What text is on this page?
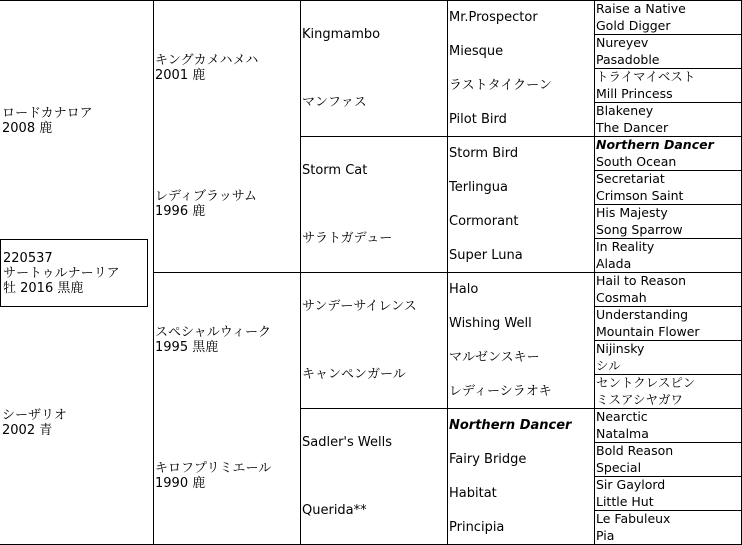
ロードカナロア
2008 鹿
シーザリオ
2002 青
220537
サートゥルナーリア
牡 2016 黒鹿
キングカメハメハ
2001 鹿
レディブラッサム
1996 鹿
スペシャルウィーク
1995 黒鹿
キロフプリミエール
1990 鹿
Kingmambo
マンファス
Storm Cat
サラトガデュー
サンデーサイレンス
キャンペンガール
Sadler's Wells
Querida**
Mr.Prospector
Miesque
ラストタイクーン
Pilot Bird
Storm Bird
Terlingua
Cormorant
Super Luna
Halo
Wishing Well
マルゼンスキー
レディーシラオキ
Northern Dancer
Fairy Bridge
Habitat
Principia
Raise a Native
Gold Digger
Nureyev
Pasadoble
トライマイベスト
Mill Princess
Blakeney
The Dancer
Northern Dancer
South Ocean
Secretariat
Crimson Saint
His Majesty
Song Sparrow
In Reality
Alada
Hail to Reason
Cosmah
Understanding
Mountain Flower
Nijinsky
シル
セントクレスピン
ミスアシヤガワ
Nearctic
Natalma
Bold Reason
Special
Sir Gaylord
Little Hut
Le Fabuleux
Pia
